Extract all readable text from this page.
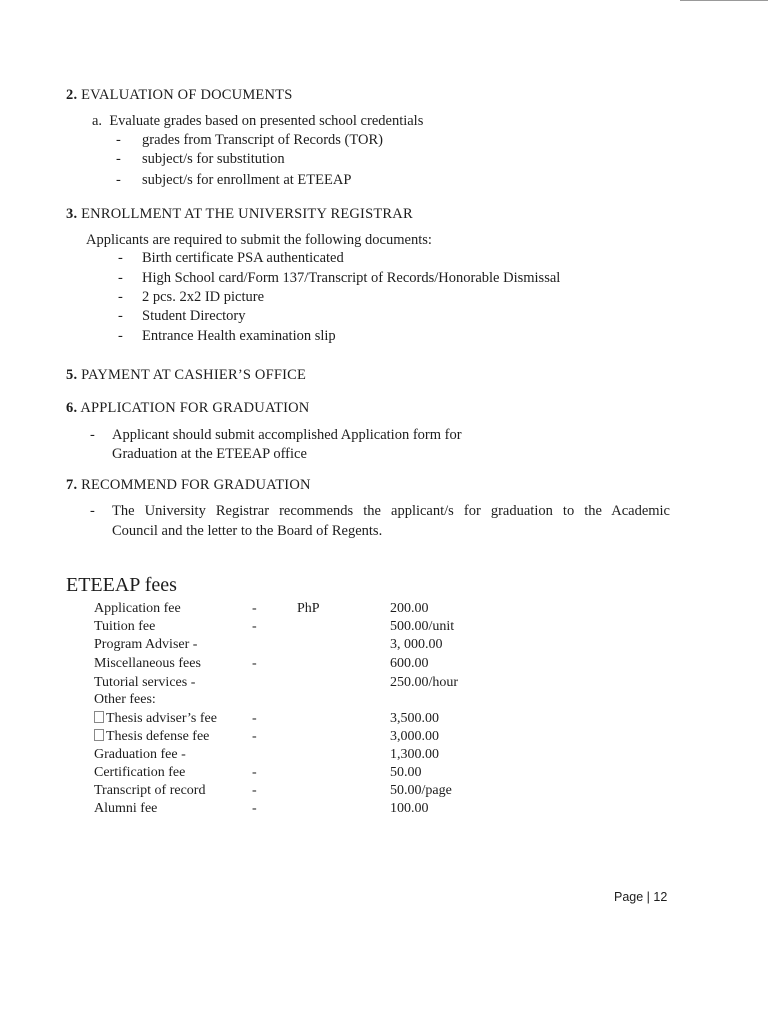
2. EVALUATION OF DOCUMENTS
a. Evaluate grades based on presented school credentials
- grades from Transcript of Records (TOR)
- subject/s for substitution
- subject/s for enrollment at ETEEAP
3. ENROLLMENT AT THE UNIVERSITY REGISTRAR
Applicants are required to submit the following documents:
- Birth certificate PSA authenticated
- High School card/Form 137/Transcript of Records/Honorable Dismissal
- 2 pcs. 2x2 ID picture
- Student Directory
- Entrance Health examination slip
5. PAYMENT AT CASHIER’S OFFICE
6. APPLICATION FOR GRADUATION
- Applicant should submit accomplished Application form for
Graduation at the ETEEAP office
7. RECOMMEND FOR GRADUATION
- The University Registrar recommends the applicant/s for graduation to the Academic
Council and the letter to the Board of Regents.
ETEEAP fees
PhP
Application fee	-	200.00
Tuition fee	-	500.00/unit
Program Adviser -	3, 000.00
Miscellaneous fees	-	600.00
Tutorial services -	250.00/hour
Other fees:
Thesis adviser’s fee	-	3,500.00
Thesis defense fee	-	3,000.00
Graduation fee -	1,300.00
Certification fee	-	50.00
Transcript of record	-	50.00/page
Alumni fee	-	100.00
Page | 12
